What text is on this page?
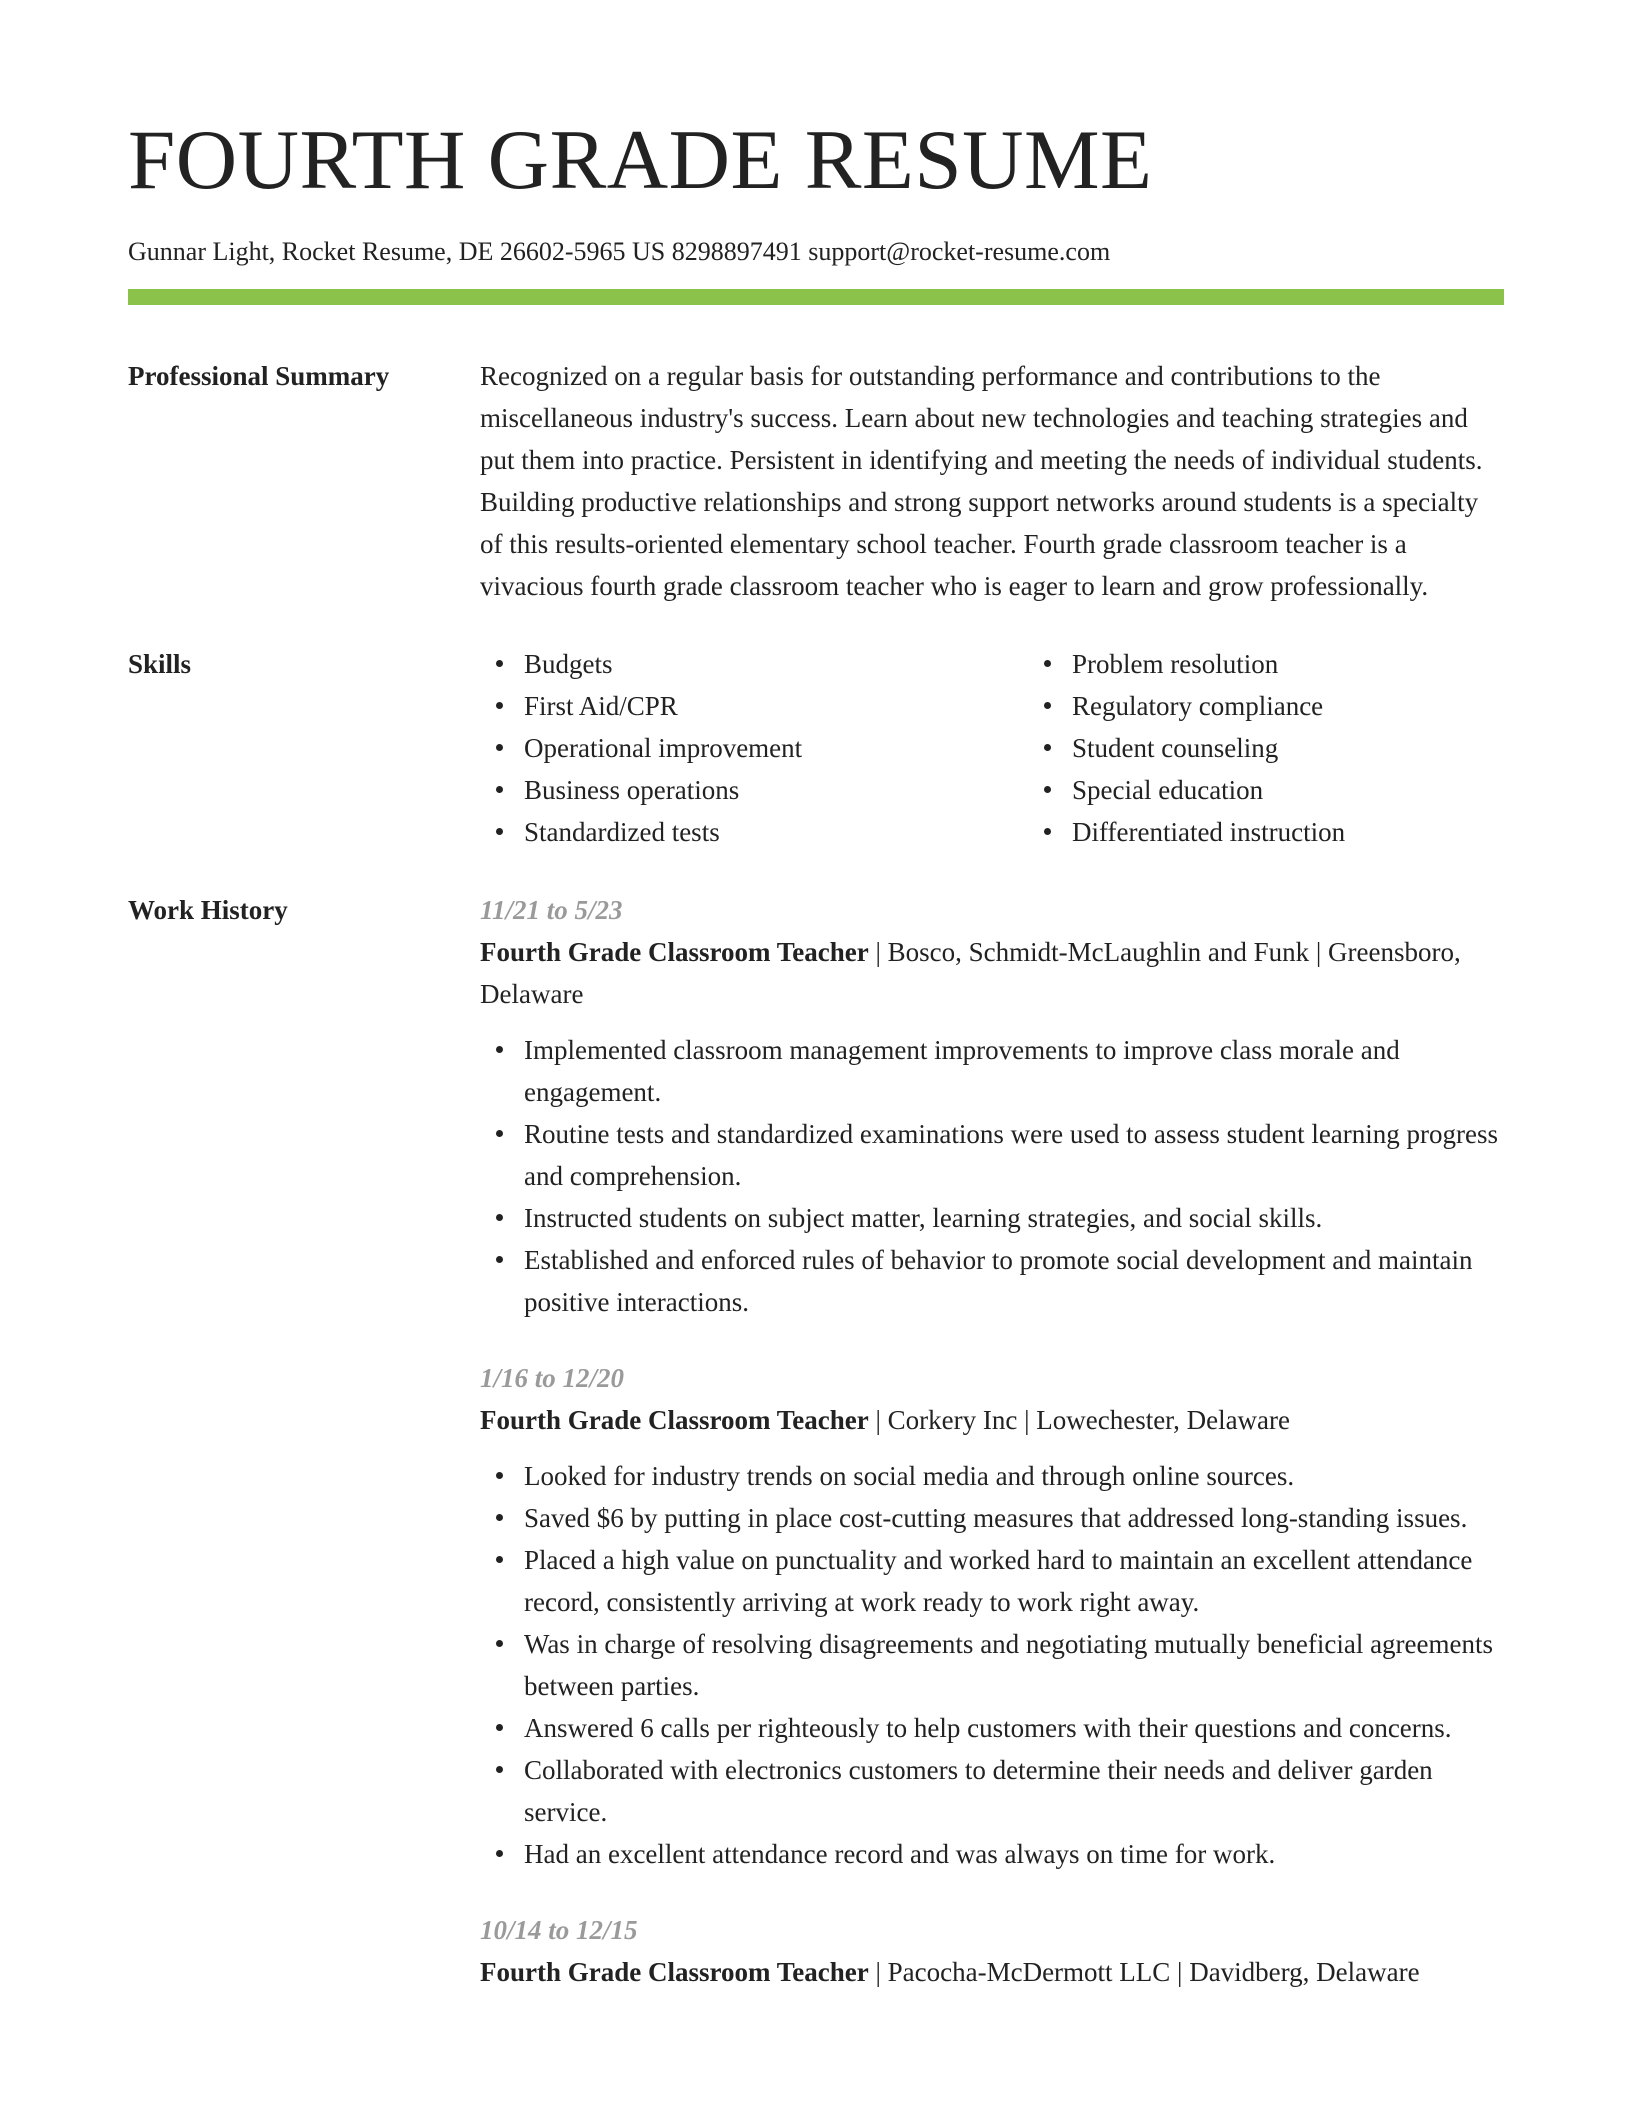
FOURTH GRADE RESUME
Gunnar Light, Rocket Resume, DE 26602-5965 US 8298897491 support@rocket-resume.com
Professional Summary	Recognized on a regular basis for outstanding performance and contributions to the miscellaneous industry's success. Learn about new technologies and teaching strategies and put them into practice. Persistent in identifying and meeting the needs of individual students. Building productive relationships and strong support networks around students is a specialty of this results-oriented elementary school teacher. Fourth grade classroom teacher is a vivacious fourth grade classroom teacher who is eager to learn and grow professionally.

Skills	Budgets
First Aid/CPR
Operational improvement
Business operations
Standardized tests
Problem resolution
Regulatory compliance
Student counseling
Special education
Differentiated instruction
Work History	11/21 to 5/23
Fourth Grade Classroom Teacher | Bosco, Schmidt-McLaughlin and Funk | Greensboro, Delaware
Implemented classroom management improvements to improve class morale and engagement.
Routine tests and standardized examinations were used to assess student learning progress and comprehension.
Instructed students on subject matter, learning strategies, and social skills.
Established and enforced rules of behavior to promote social development and maintain positive interactions.
1/16 to 12/20
Fourth Grade Classroom Teacher | Corkery Inc | Lowechester, Delaware
Looked for industry trends on social media and through online sources.
Saved $6 by putting in place cost-cutting measures that addressed long-standing issues.
Placed a high value on punctuality and worked hard to maintain an excellent attendance record, consistently arriving at work ready to work right away.
Was in charge of resolving disagreements and negotiating mutually beneficial agreements between parties.
Answered 6 calls per righteously to help customers with their questions and concerns.
Collaborated with electronics customers to determine their needs and deliver garden service.
Had an excellent attendance record and was always on time for work.
10/14 to 12/15
Fourth Grade Classroom Teacher | Pacocha-McDermott LLC | Davidberg, Delaware
